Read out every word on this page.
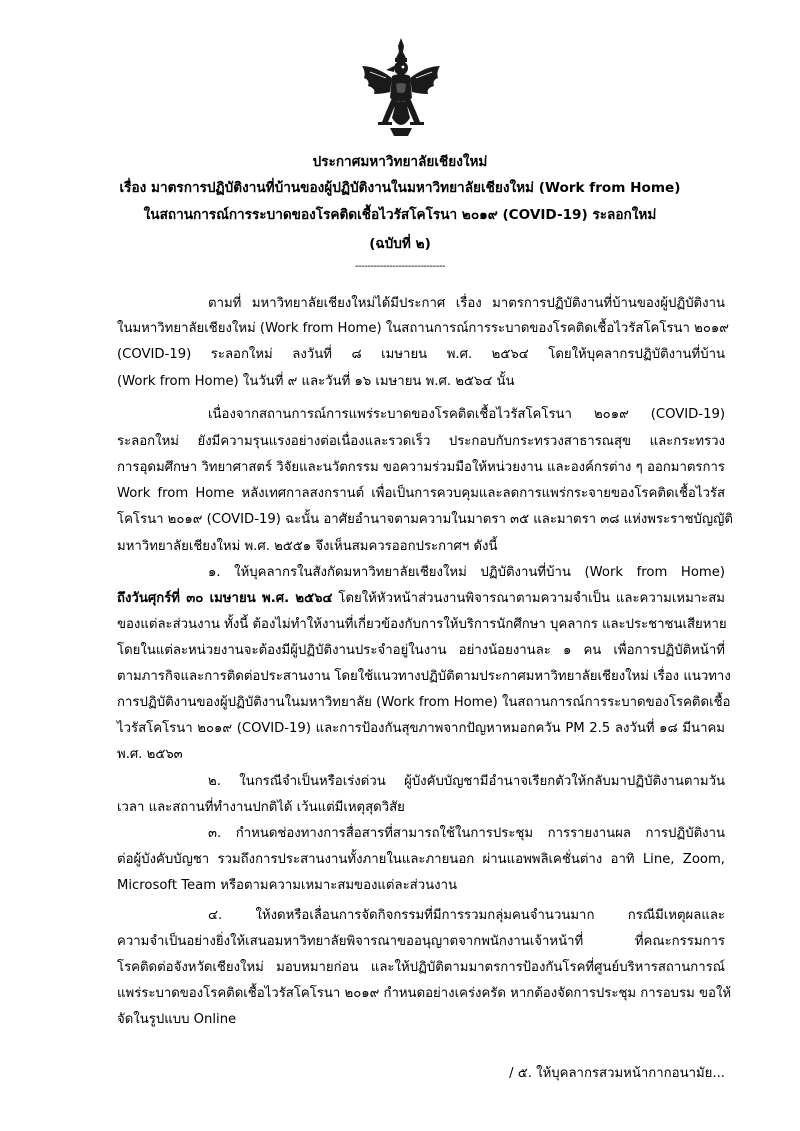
ประกาศมหาวิทยาลัยเชียงใหม่
เรื่อง มาตรการปฏิบัติงานที่บ้านของผู้ปฏิบัติงานในมหาวิทยาลัยเชียงใหม่ (Work from Home)
ในสถานการณ์การระบาดของโรคติดเชื้อไวรัสโคโรนา ๒๐๑๙ (COVID-19) ระลอกใหม่
(ฉบับที่ ๒)
-----------------------------
ตามที่ มหาวิทยาลัยเชียงใหม่ได้มีประกาศ เรื่อง มาตรการปฏิบัติงานที่บ้านของผู้ปฏิบัติงาน
ในมหาวิทยาลัยเชียงใหม่ (Work from Home) ในสถานการณ์การระบาดของโรคติดเชื้อไวรัสโคโรนา ๒๐๑๙
(COVID-19) ระลอกใหม่ ลงวันที่ ๘ เมษายน พ.ศ. ๒๕๖๔ โดยให้บุคลากรปฏิบัติงานที่บ้าน
(Work from Home) ในวันที่ ๙ และวันที่ ๑๖ เมษายน พ.ศ. ๒๕๖๔ นั้น
เนื่องจากสถานการณ์การแพร่ระบาดของโรคติดเชื้อไวรัสโคโรนา ๒๐๑๙ (COVID-19)
ระลอกใหม่ ยังมีความรุนแรงอย่างต่อเนื่องและรวดเร็ว ประกอบกับกระทรวงสาธารณสุข และกระทรวง
การอุดมศึกษา วิทยาศาสตร์ วิจัยและนวัตกรรม ขอความร่วมมือให้หน่วยงาน และองค์กรต่าง ๆ ออกมาตรการ
Work from Home หลังเทศกาลสงกรานต์ เพื่อเป็นการควบคุมและลดการแพร่กระจายของโรคติดเชื้อไวรัส
โคโรนา ๒๐๑๙ (COVID-19) ฉะนั้น อาศัยอำนาจตามความในมาตรา ๓๕ และมาตรา ๓๘ แห่งพระราชบัญญัติ
มหาวิทยาลัยเชียงใหม่ พ.ศ. ๒๕๕๑ จึงเห็นสมควรออกประกาศฯ ดังนี้
๑. ให้บุคลากรในสังกัดมหาวิทยาลัยเชียงใหม่ ปฏิบัติงานที่บ้าน (Work from Home)
ถึงวันศุกร์ที่ ๓๐ เมษายน พ.ศ. ๒๕๖๔ โดยให้หัวหน้าส่วนงานพิจารณาตามความจำเป็น และความเหมาะสม
ของแต่ละส่วนงาน ทั้งนี้ ต้องไม่ทำให้งานที่เกี่ยวข้องกับการให้บริการนักศึกษา บุคลากร และประชาชนเสียหาย
โดยในแต่ละหน่วยงานจะต้องมีผู้ปฏิบัติงานประจำอยู่ในงาน อย่างน้อยงานละ ๑ คน เพื่อการปฏิบัติหน้าที่
ตามภารกิจและการติดต่อประสานงาน โดยใช้แนวทางปฏิบัติตามประกาศมหาวิทยาลัยเชียงใหม่ เรื่อง แนวทาง
การปฏิบัติงานของผู้ปฏิบัติงานในมหาวิทยาลัย (Work from Home) ในสถานการณ์การระบาดของโรคติดเชื้อ
ไวรัสโคโรนา ๒๐๑๙ (COVID-19) และการป้องกันสุขภาพจากปัญหาหมอกควัน PM 2.5 ลงวันที่ ๑๘ มีนาคม
พ.ศ. ๒๕๖๓
๒. ในกรณีจำเป็นหรือเร่งด่วน ผู้บังคับบัญชามีอำนาจเรียกตัวให้กลับมาปฏิบัติงานตามวัน
เวลา และสถานที่ทำงานปกติได้ เว้นแต่มีเหตุสุดวิสัย
๓. กำหนดช่องทางการสื่อสารที่สามารถใช้ในการประชุม การรายงานผล การปฏิบัติงาน
ต่อผู้บังคับบัญชา รวมถึงการประสานงานทั้งภายในและภายนอก ผ่านแอพพลิเคชั่นต่าง อาทิ Line, Zoom,
Microsoft Team หรือตามความเหมาะสมของแต่ละส่วนงาน
๔. ให้งดหรือเลื่อนการจัดกิจกรรมที่มีการรวมกลุ่มคนจำนวนมาก กรณีมีเหตุผลและ
ความจำเป็นอย่างยิ่งให้เสนอมหาวิทยาลัยพิจารณาขออนุญาตจากพนักงานเจ้าหน้าที่ ที่คณะกรรมการ
โรคติดต่อจังหวัดเชียงใหม่ มอบหมายก่อน และให้ปฏิบัติตามมาตรการป้องกันโรคที่ศูนย์บริหารสถานการณ์
แพร่ระบาดของโรคติดเชื้อไวรัสโคโรนา ๒๐๑๙ กำหนดอย่างเคร่งครัด หากต้องจัดการประชุม การอบรม ขอให้
จัดในรูปแบบ Online
/ ๕. ให้บุคลากรสวมหน้ากากอนามัย...
